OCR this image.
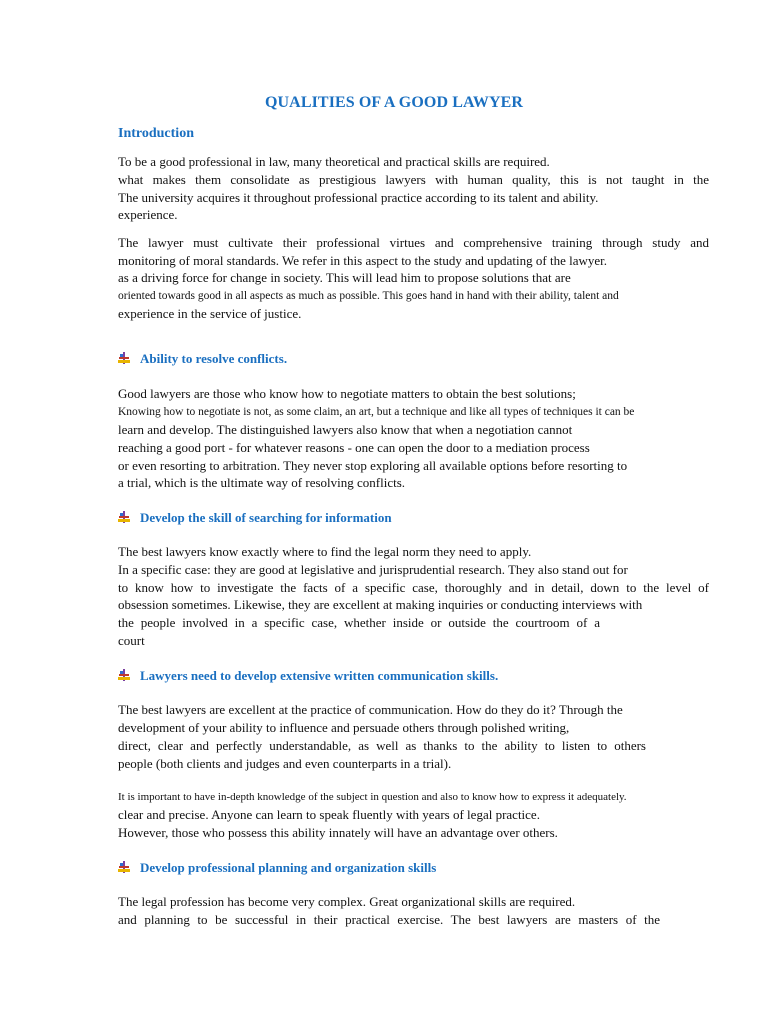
QUALITIES OF A GOOD LAWYER
Introduction
To be a good professional in law, many theoretical and practical skills are required.
what makes them consolidate as prestigious lawyers with human quality, this is not taught in the
The university acquires it throughout professional practice according to its talent and ability.
experience.
The lawyer must cultivate their professional virtues and comprehensive training through study and
monitoring of moral standards. We refer in this aspect to the study and updating of the lawyer.
as a driving force for change in society. This will lead him to propose solutions that are
oriented towards good in all aspects as much as possible. This goes hand in hand with their ability, talent and
experience in the service of justice.
Ability to resolve conflicts.
Good lawyers are those who know how to negotiate matters to obtain the best solutions;
Knowing how to negotiate is not, as some claim, an art, but a technique and like all types of techniques it can be
learn and develop. The distinguished lawyers also know that when a negotiation cannot
reaching a good port - for whatever reasons - one can open the door to a mediation process
or even resorting to arbitration. They never stop exploring all available options before resorting to
a trial, which is the ultimate way of resolving conflicts.
Develop the skill of searching for information
The best lawyers know exactly where to find the legal norm they need to apply.
In a specific case: they are good at legislative and jurisprudential research. They also stand out for
to know how to investigate the facts of a specific case, thoroughly and in detail, down to the level of
obsession sometimes. Likewise, they are excellent at making inquiries or conducting interviews with
the people involved in a specific case, whether inside or outside the courtroom of a
court
Lawyers need to develop extensive written communication skills.
The best lawyers are excellent at the practice of communication. How do they do it? Through the
development of your ability to influence and persuade others through polished writing,
direct, clear and perfectly understandable, as well as thanks to the ability to listen to others
people (both clients and judges and even counterparts in a trial).
It is important to have in-depth knowledge of the subject in question and also to know how to express it adequately.
clear and precise. Anyone can learn to speak fluently with years of legal practice.
However, those who possess this ability innately will have an advantage over others.
Develop professional planning and organization skills
The legal profession has become very complex. Great organizational skills are required.
and planning to be successful in their practical exercise. The best lawyers are masters of the
